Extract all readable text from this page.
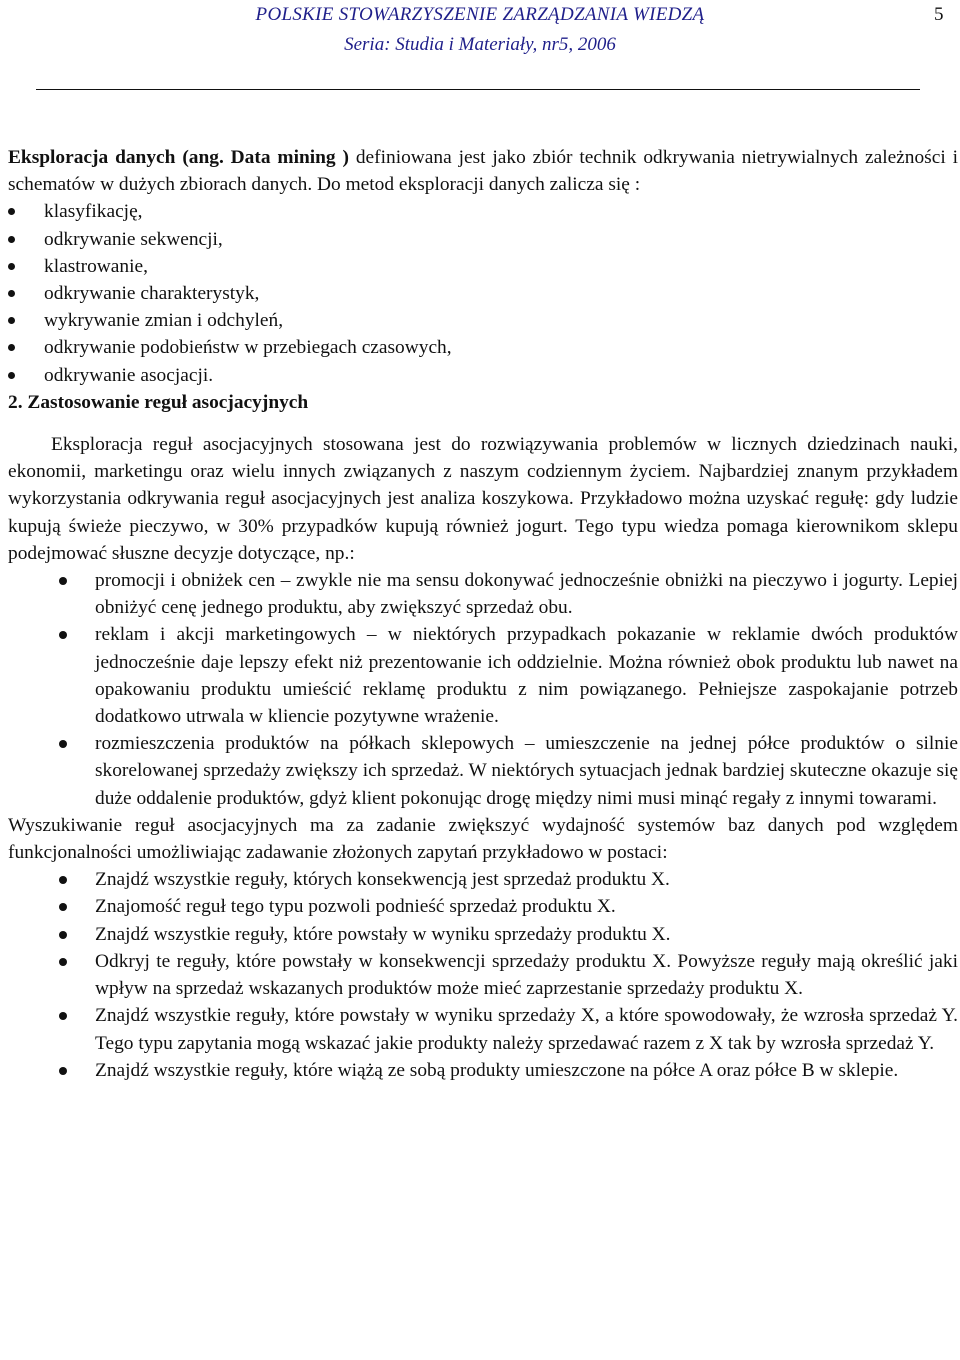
POLSKIE STOWARZYSZENIE ZARZĄDZANIA WIEDZĄ
Seria: Studia i Materiały, nr5, 2006
5

Eksploracja danych (ang. Data mining ) definiowana jest jako zbiór technik odkrywania nietrywialnych zależności i schematów w dużych zbiorach danych. Do metod eksploracji danych zalicza się :

klasyfikację,
odkrywanie sekwencji,
klastrowanie,
odkrywanie charakterystyk,
wykrywanie zmian i odchyleń,
odkrywanie podobieństw w przebiegach czasowych,
odkrywanie asocjacji.

2. Zastosowanie reguł asocjacyjnych

Eksploracja reguł asocjacyjnych stosowana jest do rozwiązywania problemów w licznych dziedzinach nauki, ekonomii, marketingu oraz wielu innych związanych z naszym codziennym życiem. Najbardziej znanym przykładem wykorzystania odkrywania reguł asocjacyjnych jest analiza koszykowa. Przykładowo można uzyskać regułę: gdy ludzie kupują świeże pieczywo, w 30% przypadków kupują również jogurt. Tego typu wiedza pomaga kierownikom sklepu podejmować słuszne decyzje dotyczące, np.:

promocji i obniżek cen – zwykle nie ma sensu dokonywać jednocześnie obniżki na pieczywo i jogurty. Lepiej obniżyć cenę jednego produktu, aby zwiększyć sprzedaż obu.
reklam i akcji marketingowych – w niektórych przypadkach pokazanie w reklamie dwóch produktów jednocześnie daje lepszy efekt niż prezentowanie ich oddzielnie. Można również obok produktu lub nawet na opakowaniu produktu umieścić reklamę produktu z nim powiązanego. Pełniejsze zaspokajanie potrzeb dodatkowo utrwala w kliencie pozytywne wrażenie.
rozmieszczenia produktów na półkach sklepowych – umieszczenie na jednej półce produktów o silnie skorelowanej sprzedaży zwiększy ich sprzedaż. W niektórych sytuacjach jednak bardziej skuteczne okazuje się duże oddalenie produktów, gdyż klient pokonując drogę między nimi musi minąć regały z innymi towarami.

Wyszukiwanie reguł asocjacyjnych ma za zadanie zwiększyć wydajność systemów baz danych pod względem funkcjonalności umożliwiając zadawanie złożonych zapytań przykładowo w postaci:

Znajdź wszystkie reguły, których konsekwencją jest sprzedaż produktu X.
Znajomość reguł tego typu pozwoli podnieść sprzedaż produktu X.
Znajdź wszystkie reguły, które powstały w wyniku sprzedaży produktu X.
Odkryj te reguły, które powstały w konsekwencji sprzedaży produktu X. Powyższe reguły mają określić jaki wpływ na sprzedaż wskazanych produktów może mieć zaprzestanie sprzedaży produktu X.
Znajdź wszystkie reguły, które powstały w wyniku sprzedaży X, a które spowodowały, że wzrosła sprzedaż Y. Tego typu zapytania mogą wskazać jakie produkty należy sprzedawać razem z X tak by wzrosła sprzedaż Y.
Znajdź wszystkie reguły, które wiążą ze sobą produkty umieszczone na półce A oraz półce B w sklepie.
